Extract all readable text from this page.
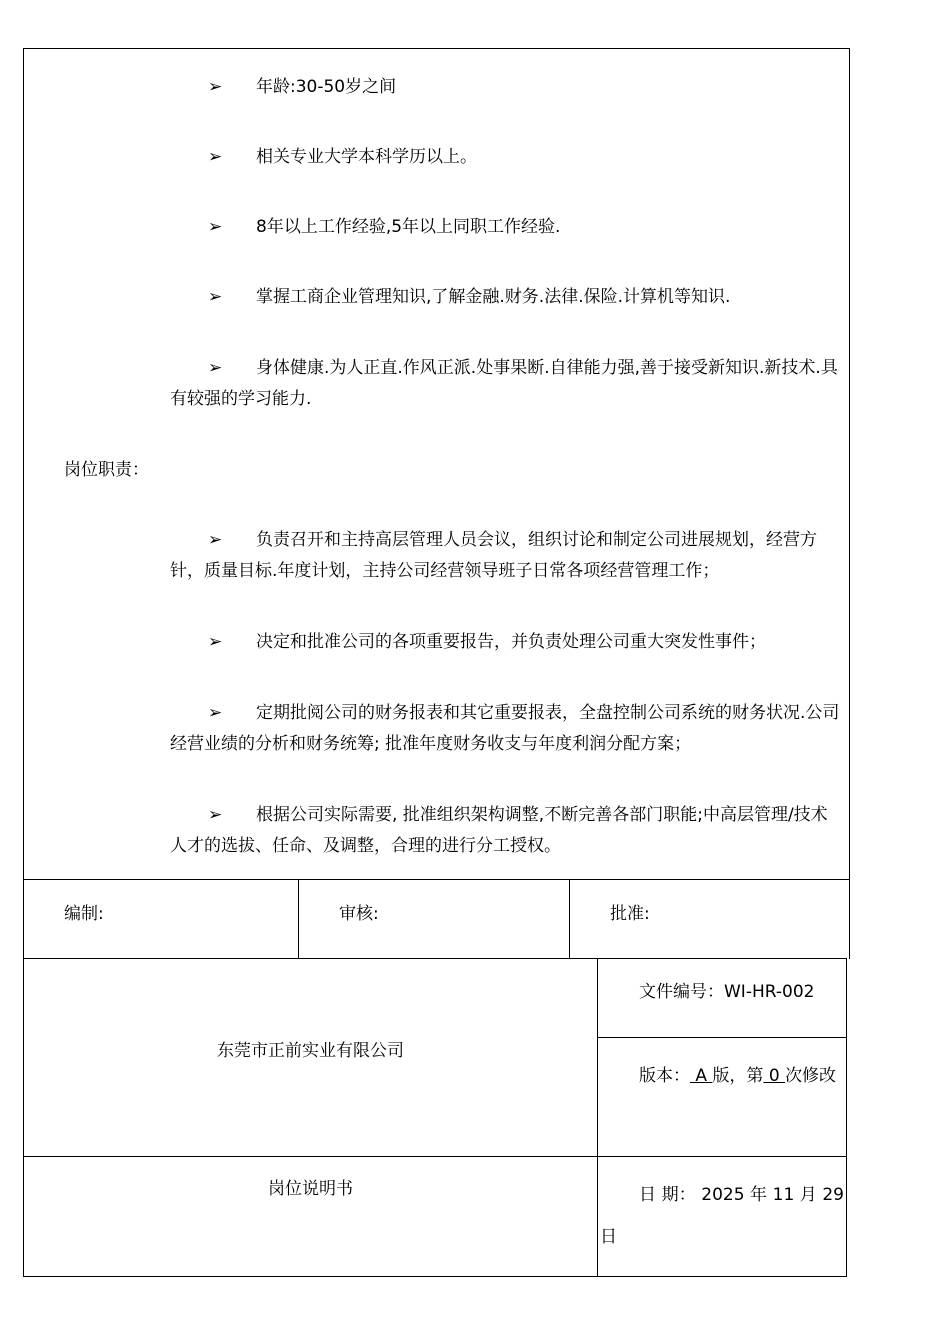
➢ 年龄:30-50岁之间
➢ 相关专业大学本科学历以上。
➢ 8年以上工作经验,5年以上同职工作经验.
➢ 掌握工商企业管理知识,了解金融.财务.法律.保险.计算机等知识.
➢ 身体健康.为人正直.作风正派.处事果断.自律能力强,善于接受新知识.新技术.具有较强的学习能力.
岗位职责：
➢ 负责召开和主持高层管理人员会议，组织讨论和制定公司进展规划，经营方针，质量目标.年度计划，主持公司经营领导班子日常各项经营管理工作；
➢ 决定和批准公司的各项重要报告，并负责处理公司重大突发性事件；
➢ 定期批阅公司的财务报表和其它重要报表，全盘控制公司系统的财务状况.公司经营业绩的分析和财务统筹; 批准年度财务收支与年度利润分配方案；
➢ 根据公司实际需要, 批准组织架构调整,不断完善各部门职能;中高层管理/技术人才的选拔、任命、及调整，合理的进行分工授权。
编制:	审核:	批准:
东莞市正前实业有限公司
岗位说明书
文件编号：WI-HR-002
版本： A 版，第 0 次修改
日 期： 2025 年 11 月 29日
